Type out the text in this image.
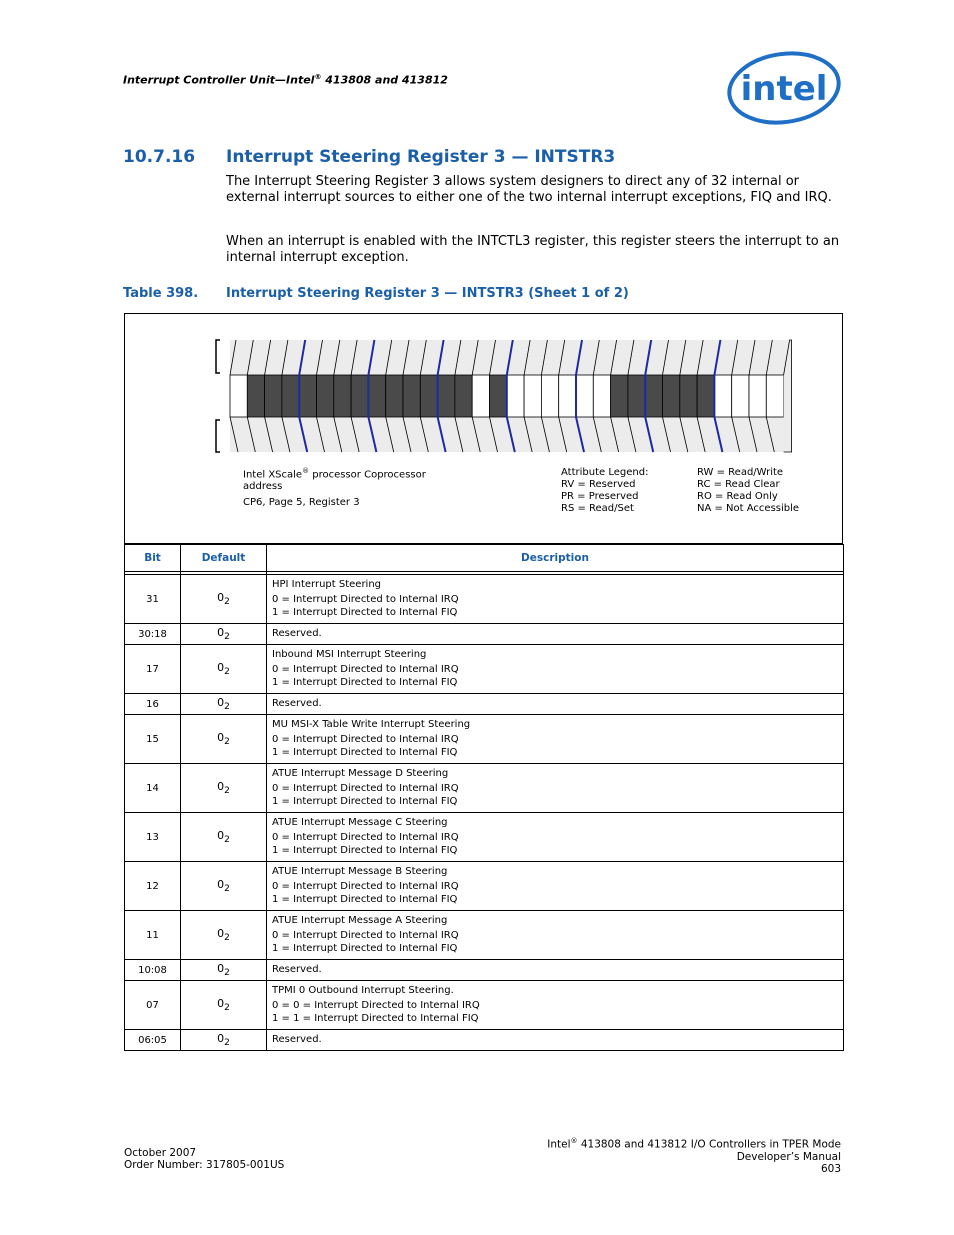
Interrupt Controller Unit—Intel® 413808 and 413812	intel
10.7.16 Interrupt Steering Register 3 — INTSTR3

The Interrupt Steering Register 3 allows system designers to direct any of 32 internal or external interrupt sources to either one of the two internal interrupt exceptions, FIQ and IRQ.

When an interrupt is enabled with the INTCTL3 register, this register steers the interrupt to an internal interrupt exception.

Table 398. Interrupt Steering Register 3 — INTSTR3 (Sheet 1 of 2)
Intel XScale® processor Coprocessor
address
CP6, Page 5, Register 3
Attribute Legend:
RV = Reserved
PR = Preserved
RS = Read/Set
RW = Read/Write
RC = Read Clear
RO = Read Only
NA = Not Accessible
Bit	Default	Description

31	$0_2$	HPI Interrupt Steering
0 = Interrupt Directed to Internal IRQ
1 = Interrupt Directed to Internal FIQ

30:18	$0_2$	Reserved.

17	$0_2$	Inbound MSI Interrupt Steering
0 = Interrupt Directed to Internal IRQ
1 = Interrupt Directed to Internal FIQ

16	$0_2$	Reserved.

15	$0_2$	MU MSI-X Table Write Interrupt Steering
0 = Interrupt Directed to Internal IRQ
1 = Interrupt Directed to Internal FIQ

14	$0_2$	ATUE Interrupt Message D Steering
0 = Interrupt Directed to Internal IRQ
1 = Interrupt Directed to Internal FIQ

13	$0_2$	ATUE Interrupt Message C Steering
0 = Interrupt Directed to Internal IRQ
1 = Interrupt Directed to Internal FIQ

12	$0_2$	ATUE Interrupt Message B Steering
0 = Interrupt Directed to Internal IRQ
1 = Interrupt Directed to Internal FIQ

11	$0_2$	ATUE Interrupt Message A Steering
0 = Interrupt Directed to Internal IRQ
1 = Interrupt Directed to Internal FIQ

10:08	$0_2$	Reserved.

07	$0_2$	TPMI 0 Outbound Interrupt Steering.
0 = 0 = Interrupt Directed to Internal IRQ
1 = 1 = Interrupt Directed to Internal FIQ

06:05	$0_2$	Reserved.
October 2007
Order Number: 317805-001US
Intel® 413808 and 413812 I/O Controllers in TPER Mode
Developer’s Manual
603
